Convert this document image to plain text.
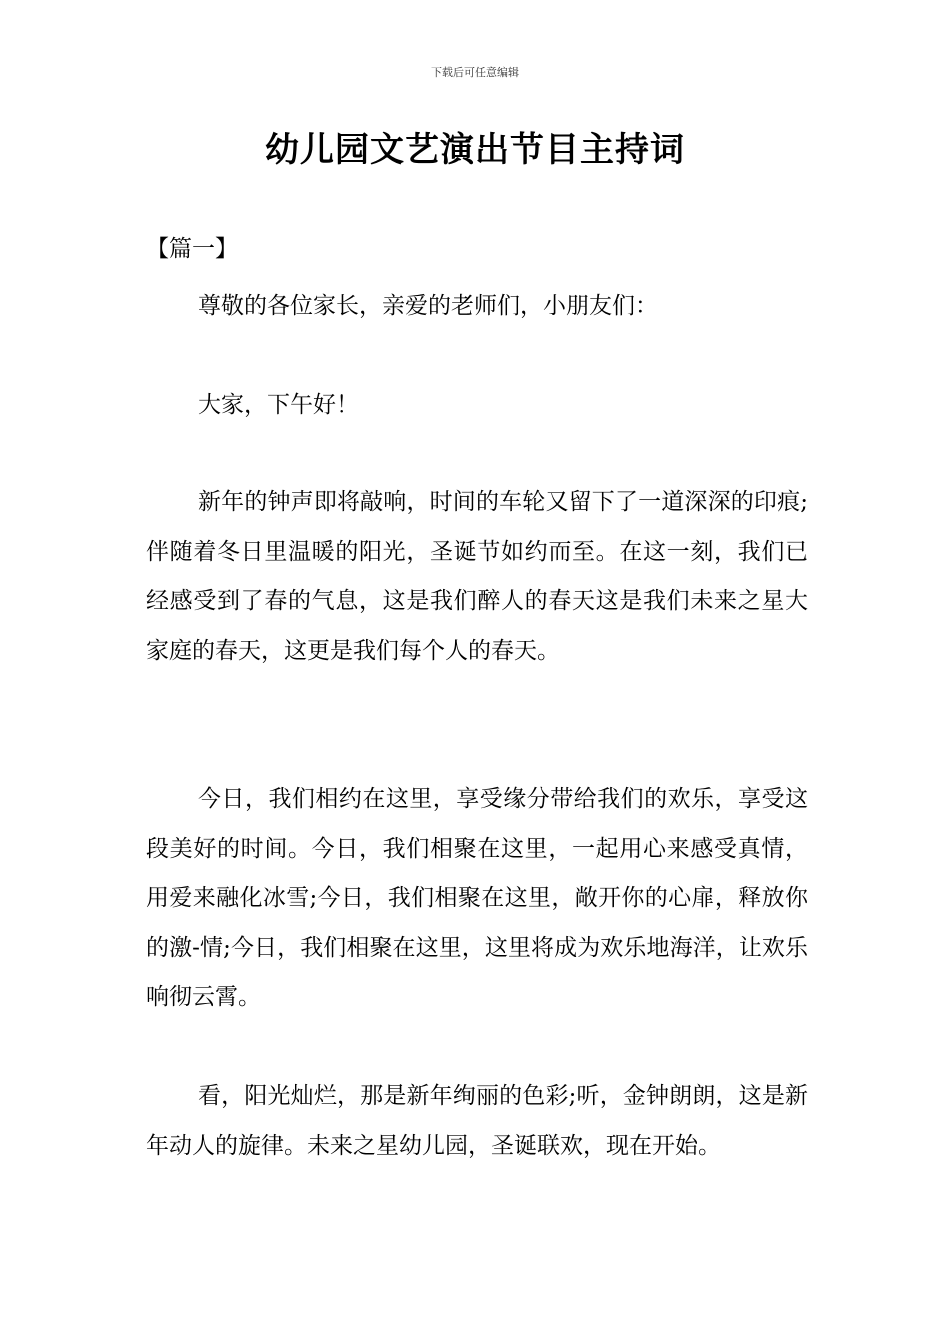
下载后可任意编辑
幼儿园文艺演出节目主持词

【篇一】

尊敬的各位家长，亲爱的老师们，小朋友们：

大家，下午好！

新年的钟声即将敲响，时间的车轮又留下了一道深深的印痕;伴随着冬日里温暖的阳光，圣诞节如约而至。在这一刻，我们已经感受到了春的气息，这是我们醉人的春天这是我们未来之星大家庭的春天，这更是我们每个人的春天。

今日，我们相约在这里，享受缘分带给我们的欢乐，享受这段美好的时间。今日，我们相聚在这里，一起用心来感受真情，用爱来融化冰雪;今日，我们相聚在这里，敞开你的心扉，释放你的激-情;今日，我们相聚在这里，这里将成为欢乐地海洋，让欢乐响彻云霄。

看，阳光灿烂，那是新年绚丽的色彩;听，金钟朗朗，这是新年动人的旋律。未来之星幼儿园，圣诞联欢，现在开始。
